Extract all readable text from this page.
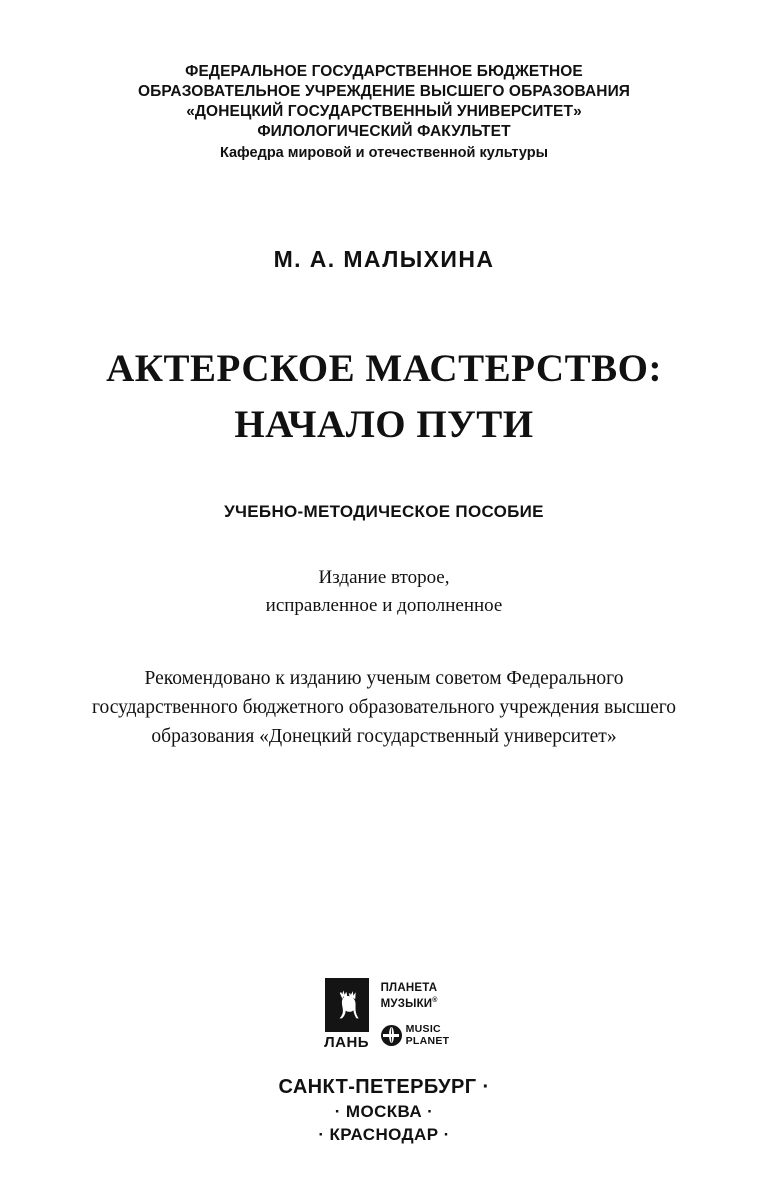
ФЕДЕРАЛЬНОЕ ГОСУДАРСТВЕННОЕ БЮДЖЕТНОЕ
ОБРАЗОВАТЕЛЬНОЕ УЧРЕЖДЕНИЕ ВЫСШЕГО ОБРАЗОВАНИЯ
«ДОНЕЦКИЙ ГОСУДАРСТВЕННЫЙ УНИВЕРСИТЕТ»
ФИЛОЛОГИЧЕСКИЙ ФАКУЛЬТЕТ
Кафедра мировой и отечественной культуры
М. А. МАЛЫХИНА
АКТЕРСКОЕ МАСТЕРСТВО:
НАЧАЛО ПУТИ
УЧЕБНО-МЕТОДИЧЕСКОЕ ПОСОБИЕ
Издание второе,
исправленное и дополненное
Рекомендовано к изданию ученым советом Федерального
государственного бюджетного образовательного учреждения высшего
образования «Донецкий государственный университет»
ЛАНЬ
ПЛАНЕТА
МУЗЫКИ®
MUSIC
PLANET
САНКТ-ПЕТЕРБУРГ ·
· МОСКВА ·
· КРАСНОДАР ·
